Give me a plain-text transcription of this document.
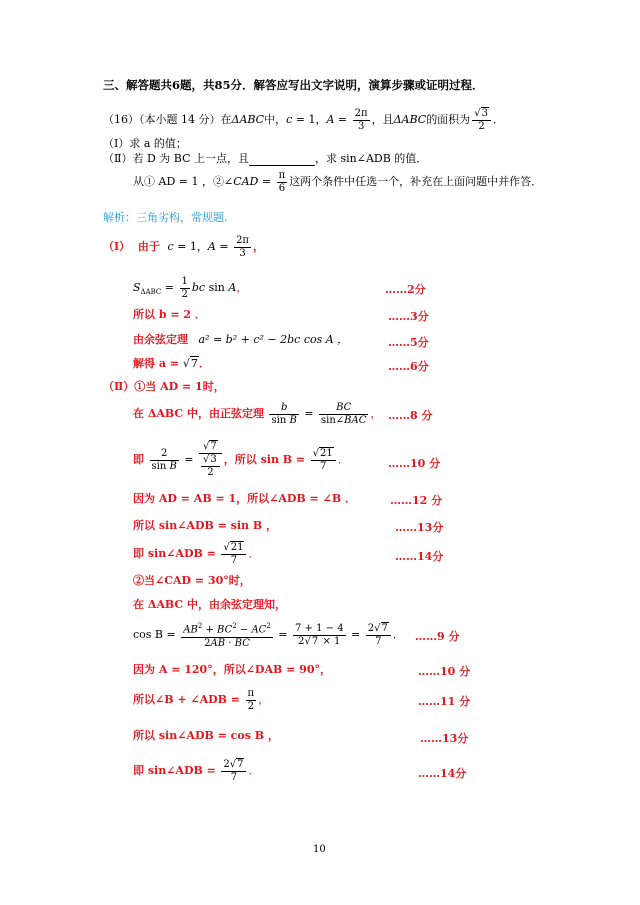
三、解答题共6题，共85分．解答应写出文字说明，演算步骤或证明过程．
（16）（本小题 14 分）在ΔABC中，c = 1，$A = \frac{2\pi}{3}$ ，且ΔABC的面积为 $\frac{√3}{2}$ ．
（Ⅰ）求 a 的值；
（Ⅱ）若 D 为 BC 上一点，且	，求 sin∠ADB 的值．
从① AD = 1 ，②∠CAD = $\frac{\pi}{6}$ 这两个条件中任选一个，补充在上面问题中并作答．
解析：三角劣构，常规题.
（Ⅰ） 由于 c = 1，$A = \frac{2\pi}{3}$ ，
$S_{\Delta ABC} = \frac{1}{2}$ bc sin A，	……2分
所以 b = 2 ．	……3分
由余弦定理 a² = b² + c² − 2bc cos A ，	……5分
解得 a = √7．	……6分
（Ⅱ）①当 AD = 1时，
在 ΔABC 中，由正弦定理 $\frac{b}{\text{sin B}} = \frac{BC}{\text{sin∠BAC}}$ ， ……8 分
即 $\frac{2}{\text{sin B}} = \frac{√7}{\frac{√3}{2}}$ ，所以 $\sin B = \frac{√21}{7}$ ．	……10 分
因为 AD = AB = 1，所以∠ADB = ∠B ．	……12 分
所以 sin∠ADB = sin B ，	……13分
即 sin∠ADB = $\frac{√21}{7}$ ．	……14分
②当∠CAD = 30°时，
在 ΔABC 中，由余弦定理知，
$\cos B = \frac{AB^2 + BC^2 - AC^2}{2AB \cdot BC} = \frac{7 + 1 - 4}{2√7 \times 1} = \frac{2√7}{7}$ ． ……9 分
因为 A = 120°，所以∠DAB = 90°，	……10 分
所以∠B + ∠ADB = $\frac{\pi}{2}$ ，	……11 分
所以 sin∠ADB = cos B ，	……13分
即 sin∠ADB = $\frac{2√7}{7}$ ．	……14分
10
